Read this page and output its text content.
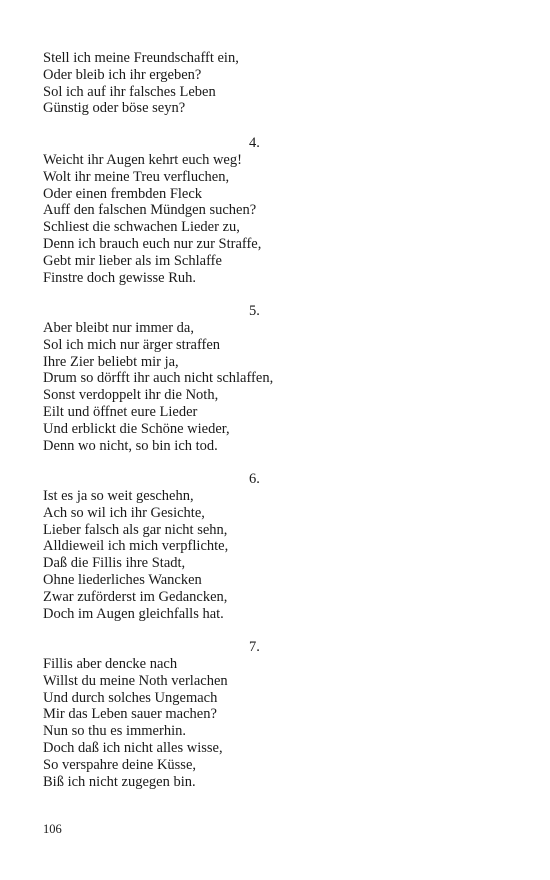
Stell ich meine Freundschafft ein,
Oder bleib ich ihr ergeben?
Sol ich auf ihr falsches Leben
Günstig oder böse seyn?
4.
Weicht ihr Augen kehrt euch weg!
Wolt ihr meine Treu verfluchen,
Oder einen frembden Fleck
Auff den falschen Mündgen suchen?
Schliest die schwachen Lieder zu,
Denn ich brauch euch nur zur Straffe,
Gebt mir lieber als im Schlaffe
Finstre doch gewisse Ruh.
5.
Aber bleibt nur immer da,
Sol ich mich nur ärger straffen
Ihre Zier beliebt mir ja,
Drum so dörfft ihr auch nicht schlaffen,
Sonst verdoppelt ihr die Noth,
Eilt und öffnet eure Lieder
Und erblickt die Schöne wieder,
Denn wo nicht, so bin ich tod.
6.
Ist es ja so weit geschehn,
Ach so wil ich ihr Gesichte,
Lieber falsch als gar nicht sehn,
Alldieweil ich mich verpflichte,
Daß die Fillis ihre Stadt,
Ohne liederliches Wancken
Zwar zuförderst im Gedancken,
Doch im Augen gleichfalls hat.
7.
Fillis aber dencke nach
Willst du meine Noth verlachen
Und durch solches Ungemach
Mir das Leben sauer machen?
Nun so thu es immerhin.
Doch daß ich nicht alles wisse,
So verspahre deine Küsse,
Biß ich nicht zugegen bin.
106
